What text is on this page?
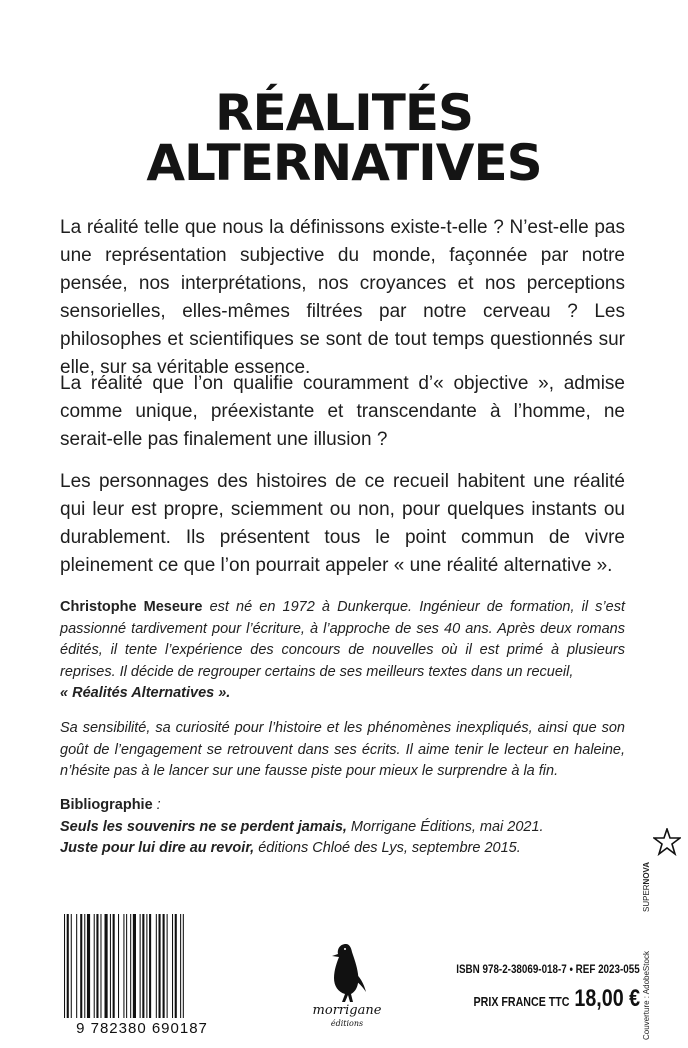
RÉALITÉS
ALTERNATIVES

La réalité telle que nous la définissons existe-t-elle ? N’est-elle pas une représentation subjective du monde, façonnée par notre pensée, nos interprétations, nos croyances et nos perceptions sensorielles, elles-mêmes filtrées par notre cerveau ? Les philosophes et scientifiques se sont de tout temps questionnés sur elle, sur sa véritable essence.

La réalité que l’on qualifie couramment d’« objective », admise comme unique, préexistante et transcendante à l’homme, ne serait-elle pas finalement une illusion ?

Les personnages des histoires de ce recueil habitent une réalité qui leur est propre, sciemment ou non, pour quelques instants ou durablement. Ils présentent tous le point commun de vivre pleinement ce que l’on pourrait appeler « une réalité alternative ».

Christophe Meseure est né en 1972 à Dunkerque. Ingénieur de formation, il s’est passionné tardivement pour l’écriture, à l’approche de ses 40 ans. Après deux romans édités, il tente l’expérience des concours de nouvelles où il est primé à plusieurs reprises. Il décide de regrouper certains de ses meilleurs textes dans un recueil,
« Réalités Alternatives ».

Sa sensibilité, sa curiosité pour l’histoire et les phénomènes inexpliqués, ainsi que son goût de l’engagement se retrouvent dans ses écrits. Il aime tenir le lecteur en haleine, n’hésite pas à le lancer sur une fausse piste pour mieux le surprendre à la fin.

Bibliographie :
Seuls les souvenirs ne se perdent jamais, Morrigane Éditions, mai 2021.
Juste pour lui dire au revoir, éditions Chloé des Lys, septembre 2015.
9 782380 690187
morrigane
éditions
ISBN 978-2-38069-018-7 • REF 2023-055
PRIX FRANCE TTC 18,00 €
SUPERNOVA
Couverture : AdobeStock
